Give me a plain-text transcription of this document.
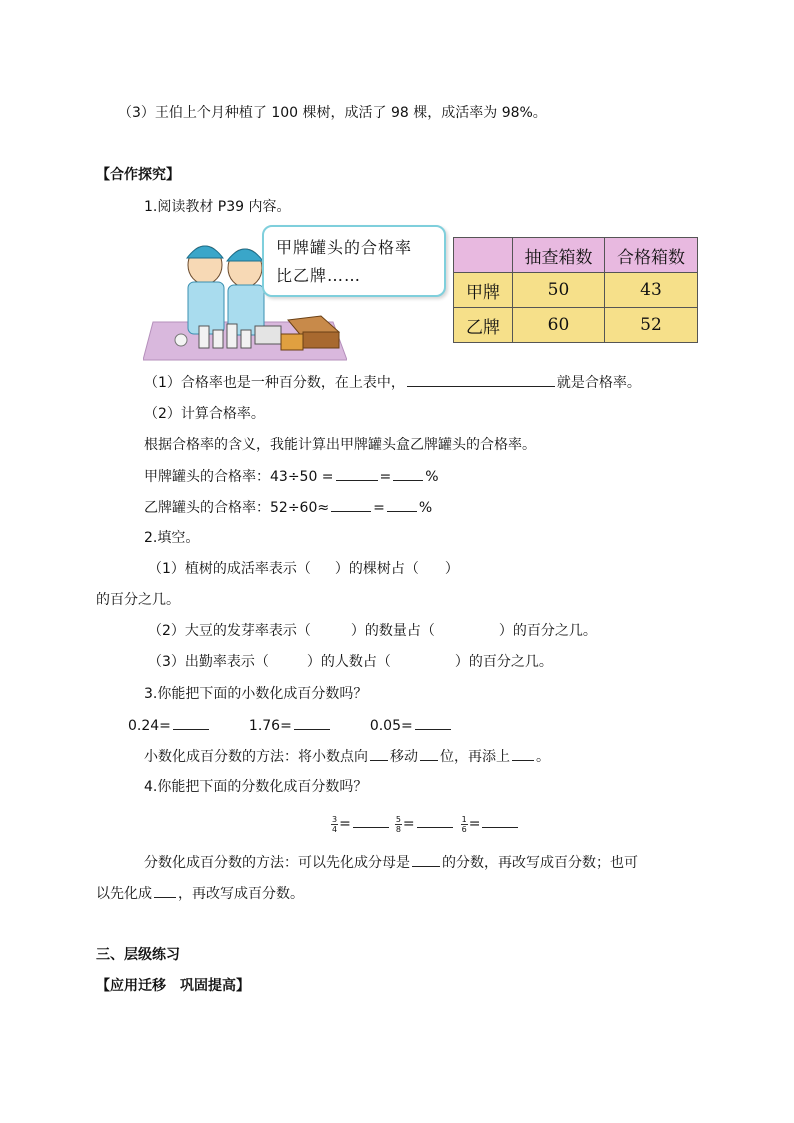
（3）王伯上个月种植了 100 棵树，成活了 98 棵，成活率为 98%。
【合作探究】
1.阅读教材 P39 内容。
甲牌罐头的合格率
比乙牌……
	抽查箱数	合格箱数
甲牌	50	43
乙牌	60	52
（1）合格率也是一种百分数，在上表中，	就是合格率。
（2）计算合格率。
根据合格率的含义，我能计算出甲牌罐头盒乙牌罐头的合格率。
甲牌罐头的合格率：43÷50 =	= %
乙牌罐头的合格率：52÷60≈	= %
2.填空。
（1）植树的成活率表示（ ）的棵树占（ ）
的百分之几。
（2）大豆的发芽率表示（	）的数量占（	）的百分之几。
（3）出勤率表示（	）的人数占（	）的百分之几。
3.你能把下面的小数化成百分数吗？
0.24=	1.76=	0.05=
小数化成百分数的方法：将小数点向 移动 位，再添上 。
4.你能把下面的分数化成百分数吗？
$\frac{3}{4}$ =	$\frac{5}{8}$ =	$\frac{1}{6}$ =
分数化成百分数的方法：可以先化成分母是 的分数，再改写成百分数；也可
以先化成 ，再改写成百分数。
三、层级练习
【应用迁移　巩固提高】
